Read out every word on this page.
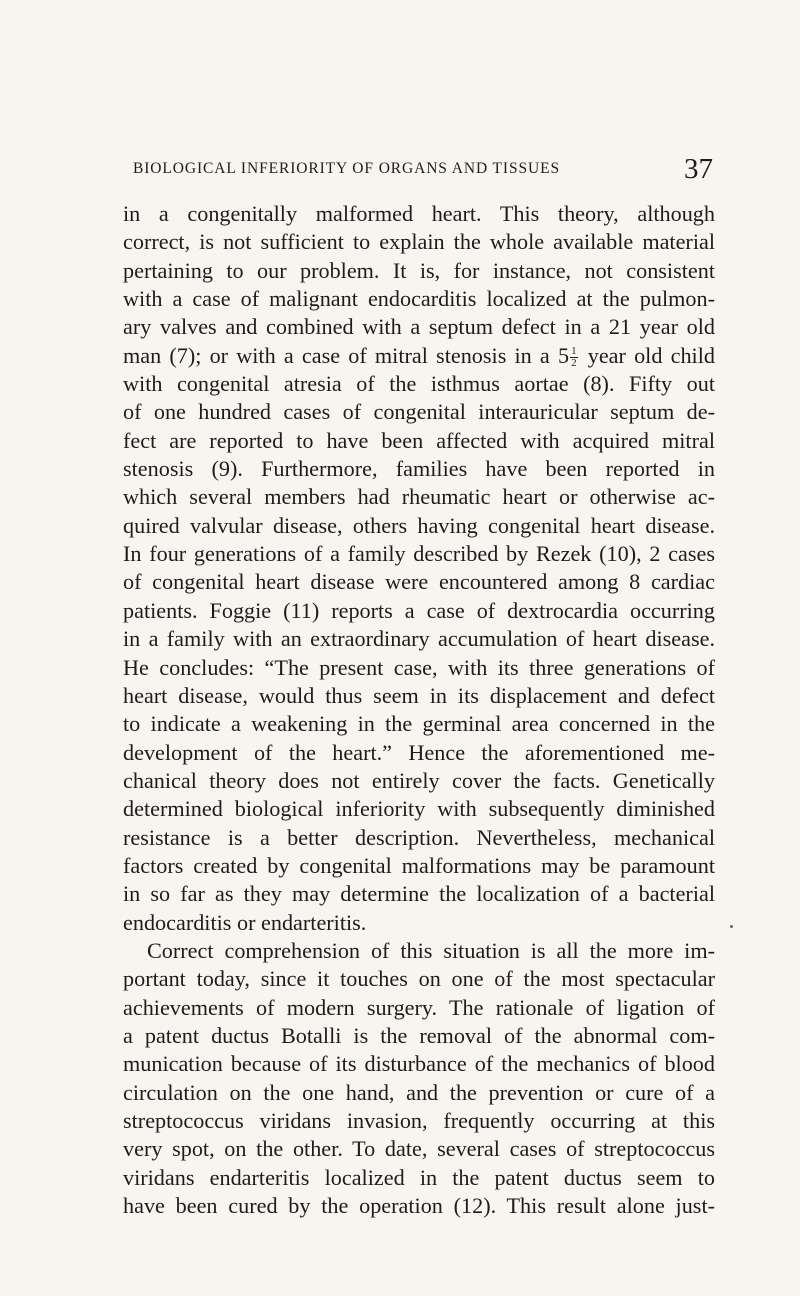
BIOLOGICAL INFERIORITY OF ORGANS AND TISSUES	37
in a congenitally malformed heart. This theory, although
correct, is not sufficient to explain the whole available material
pertaining to our problem. It is, for instance, not consistent
with a case of malignant endocarditis localized at the pulmon-
ary valves and combined with a septum defect in a 21 year old
man (7); or with a case of mitral stenosis in a $5 \frac{1}{2}$ year old child
with congenital atresia of the isthmus aortae (8). Fifty out
of one hundred cases of congenital interauricular septum de-
fect are reported to have been affected with acquired mitral
stenosis (9). Furthermore, families have been reported in
which several members had rheumatic heart or otherwise ac-
quired valvular disease, others having congenital heart disease.
In four generations of a family described by Rezek (10), 2 cases
of congenital heart disease were encountered among 8 cardiac
patients. Foggie (11) reports a case of dextrocardia occurring
in a family with an extraordinary accumulation of heart disease.
He concludes: “The present case, with its three generations of
heart disease, would thus seem in its displacement and defect
to indicate a weakening in the germinal area concerned in the
development of the heart.” Hence the aforementioned me-
chanical theory does not entirely cover the facts. Genetically
determined biological inferiority with subsequently diminished
resistance is a better description. Nevertheless, mechanical
factors created by congenital malformations may be paramount
in so far as they may determine the localization of a bacterial
endocarditis or endarteritis.
Correct comprehension of this situation is all the more im-
portant today, since it touches on one of the most spectacular
achievements of modern surgery. The rationale of ligation of
a patent ductus Botalli is the removal of the abnormal com-
munication because of its disturbance of the mechanics of blood
circulation on the one hand, and the prevention or cure of a
streptococcus viridans invasion, frequently occurring at this
very spot, on the other. To date, several cases of streptococcus
viridans endarteritis localized in the patent ductus seem to
have been cured by the operation (12). This result alone just-
